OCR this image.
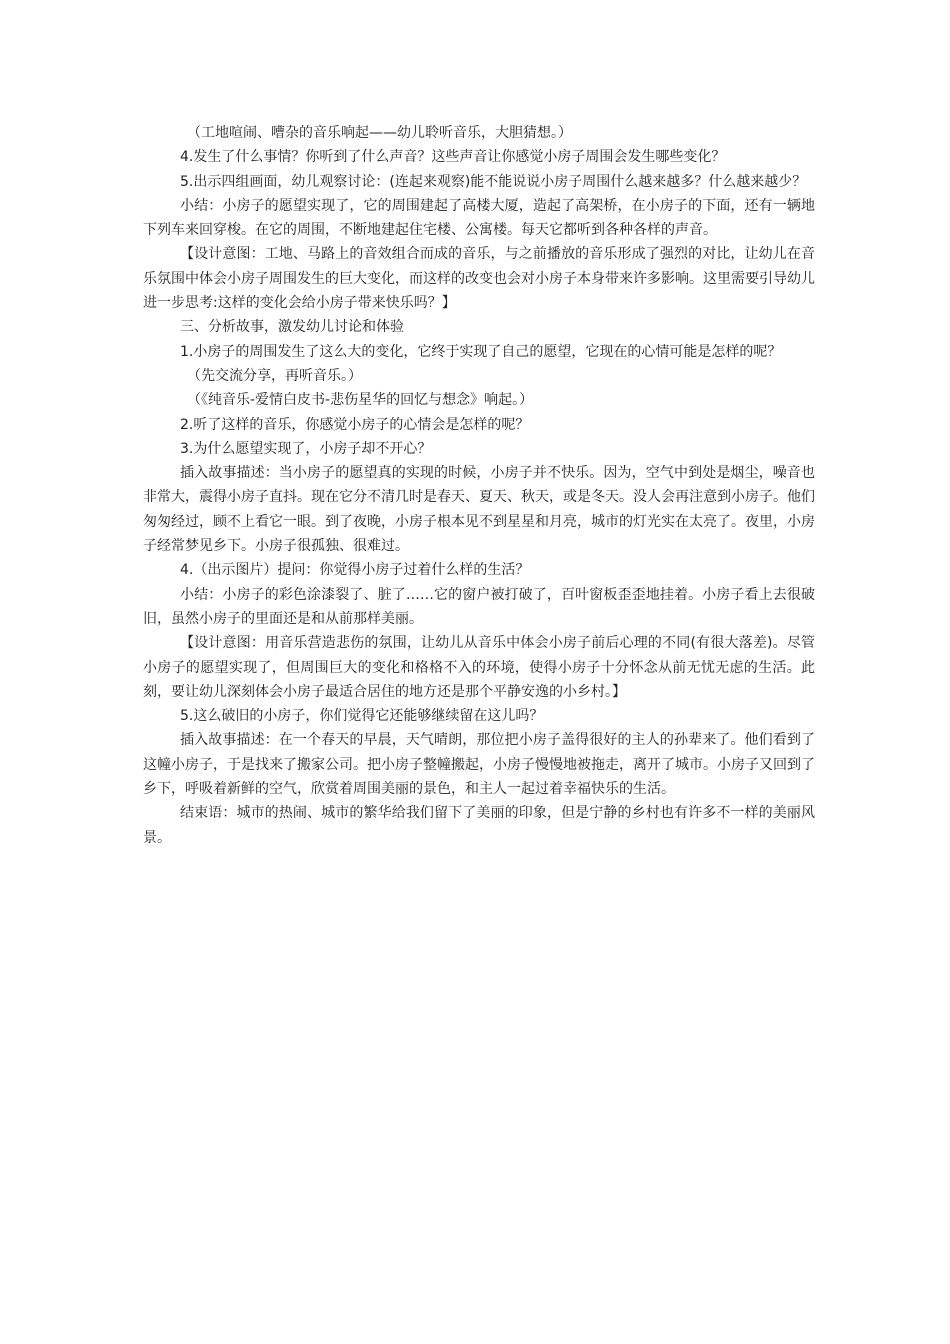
（工地喧闹、嘈杂的音乐响起——幼儿聆听音乐，大胆猜想。）

4.发生了什么事情？你听到了什么声音？这些声音让你感觉小房子周围会发生哪些变化？

5.出示四组画面，幼儿观察讨论：(连起来观察)能不能说说小房子周围什么越来越多？什么越来越少？

小结：小房子的愿望实现了，它的周围建起了高楼大厦，造起了高架桥，在小房子的下面，还有一辆地下列车来回穿梭。在它的周围，不断地建起住宅楼、公寓楼。每天它都听到各种各样的声音。

【设计意图：工地、马路上的音效组合而成的音乐，与之前播放的音乐形成了强烈的对比，让幼儿在音乐氛围中体会小房子周围发生的巨大变化，而这样的改变也会对小房子本身带来许多影响。这里需要引导幼儿进一步思考:这样的变化会给小房子带来快乐吗？】

三、分析故事，激发幼儿讨论和体验

1.小房子的周围发生了这么大的变化，它终于实现了自己的愿望，它现在的心情可能是怎样的呢？

（先交流分享，再听音乐。）

（《纯音乐-爱情白皮书-悲伤星华的回忆与想念》响起。）

2.听了这样的音乐，你感觉小房子的心情会是怎样的呢？

3.为什么愿望实现了，小房子却不开心？

插入故事描述：当小房子的愿望真的实现的时候，小房子并不快乐。因为，空气中到处是烟尘，噪音也非常大，震得小房子直抖。现在它分不清几时是春天、夏天、秋天，或是冬天。没人会再注意到小房子。他们匆匆经过，顾不上看它一眼。到了夜晚，小房子根本见不到星星和月亮，城市的灯光实在太亮了。夜里，小房子经常梦见乡下。小房子很孤独、很难过。

4.（出示图片）提问：你觉得小房子过着什么样的生活？

小结：小房子的彩色涂漆裂了、脏了……它的窗户被打破了，百叶窗板歪歪地挂着。小房子看上去很破旧，虽然小房子的里面还是和从前那样美丽。

【设计意图：用音乐营造悲伤的氛围，让幼儿从音乐中体会小房子前后心理的不同(有很大落差)。尽管小房子的愿望实现了，但周围巨大的变化和格格不入的环境，使得小房子十分怀念从前无忧无虑的生活。此刻，要让幼儿深刻体会小房子最适合居住的地方还是那个平静安逸的小乡村。】

5.这么破旧的小房子，你们觉得它还能够继续留在这儿吗？

插入故事描述：在一个春天的早晨，天气晴朗，那位把小房子盖得很好的主人的孙辈来了。他们看到了这幢小房子，于是找来了搬家公司。把小房子整幢搬起，小房子慢慢地被拖走，离开了城市。小房子又回到了乡下，呼吸着新鲜的空气，欣赏着周围美丽的景色，和主人一起过着幸福快乐的生活。

结束语：城市的热闹、城市的繁华给我们留下了美丽的印象，但是宁静的乡村也有许多不一样的美丽风景。
